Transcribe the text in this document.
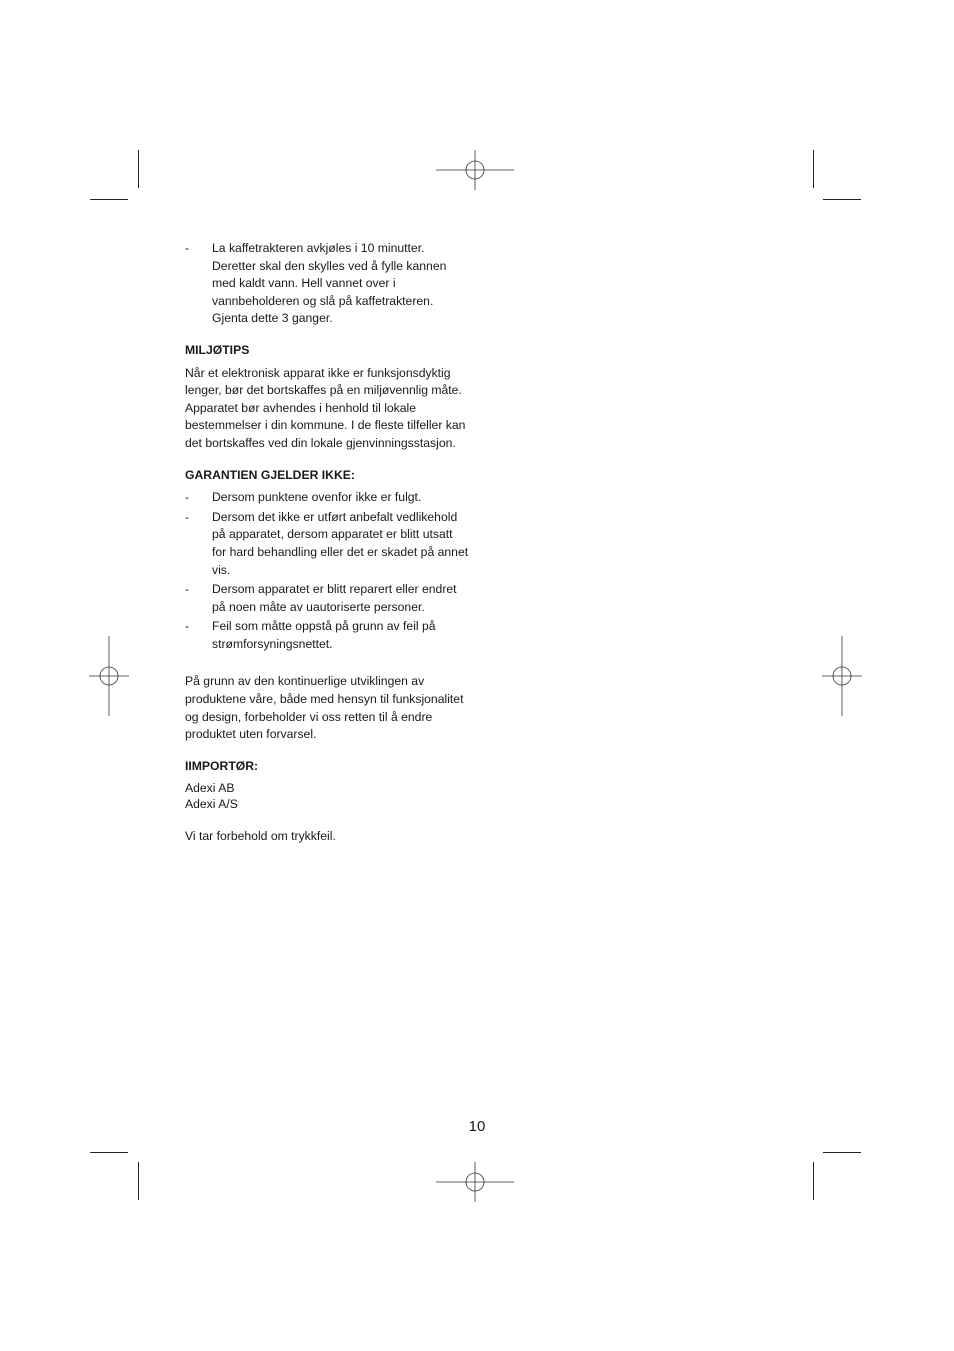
- La kaffetrakteren avkjøles i 10 minutter. Deretter skal den skylles ved å fylle kannen med kaldt vann. Hell vannet over i vannbeholderen og slå på kaffetrakteren. Gjenta dette 3 ganger.
MILJØTIPS

Når et elektronisk apparat ikke er funksjonsdyktig lenger, bør det bortskaffes på en miljøvennlig måte. Apparatet bør avhendes i henhold til lokale bestemmelser i din kommune. I de fleste tilfeller kan det bortskaffes ved din lokale gjenvinningsstasjon.

GARANTIEN GJELDER IKKE:
- Dersom punktene ovenfor ikke er fulgt.
- Dersom det ikke er utført anbefalt vedlikehold på apparatet, dersom apparatet er blitt utsatt for hard behandling eller det er skadet på annet vis.
- Dersom apparatet er blitt reparert eller endret på noen måte av uautoriserte personer.
- Feil som måtte oppstå på grunn av feil på strømforsyningsnettet.

På grunn av den kontinuerlige utviklingen av produktene våre, både med hensyn til funksjonalitet og design, forbeholder vi oss retten til å endre produktet uten forvarsel.

IIMPORTØR:

Adexi AB

Adexi A/S

Vi tar forbehold om trykkfeil.

10
